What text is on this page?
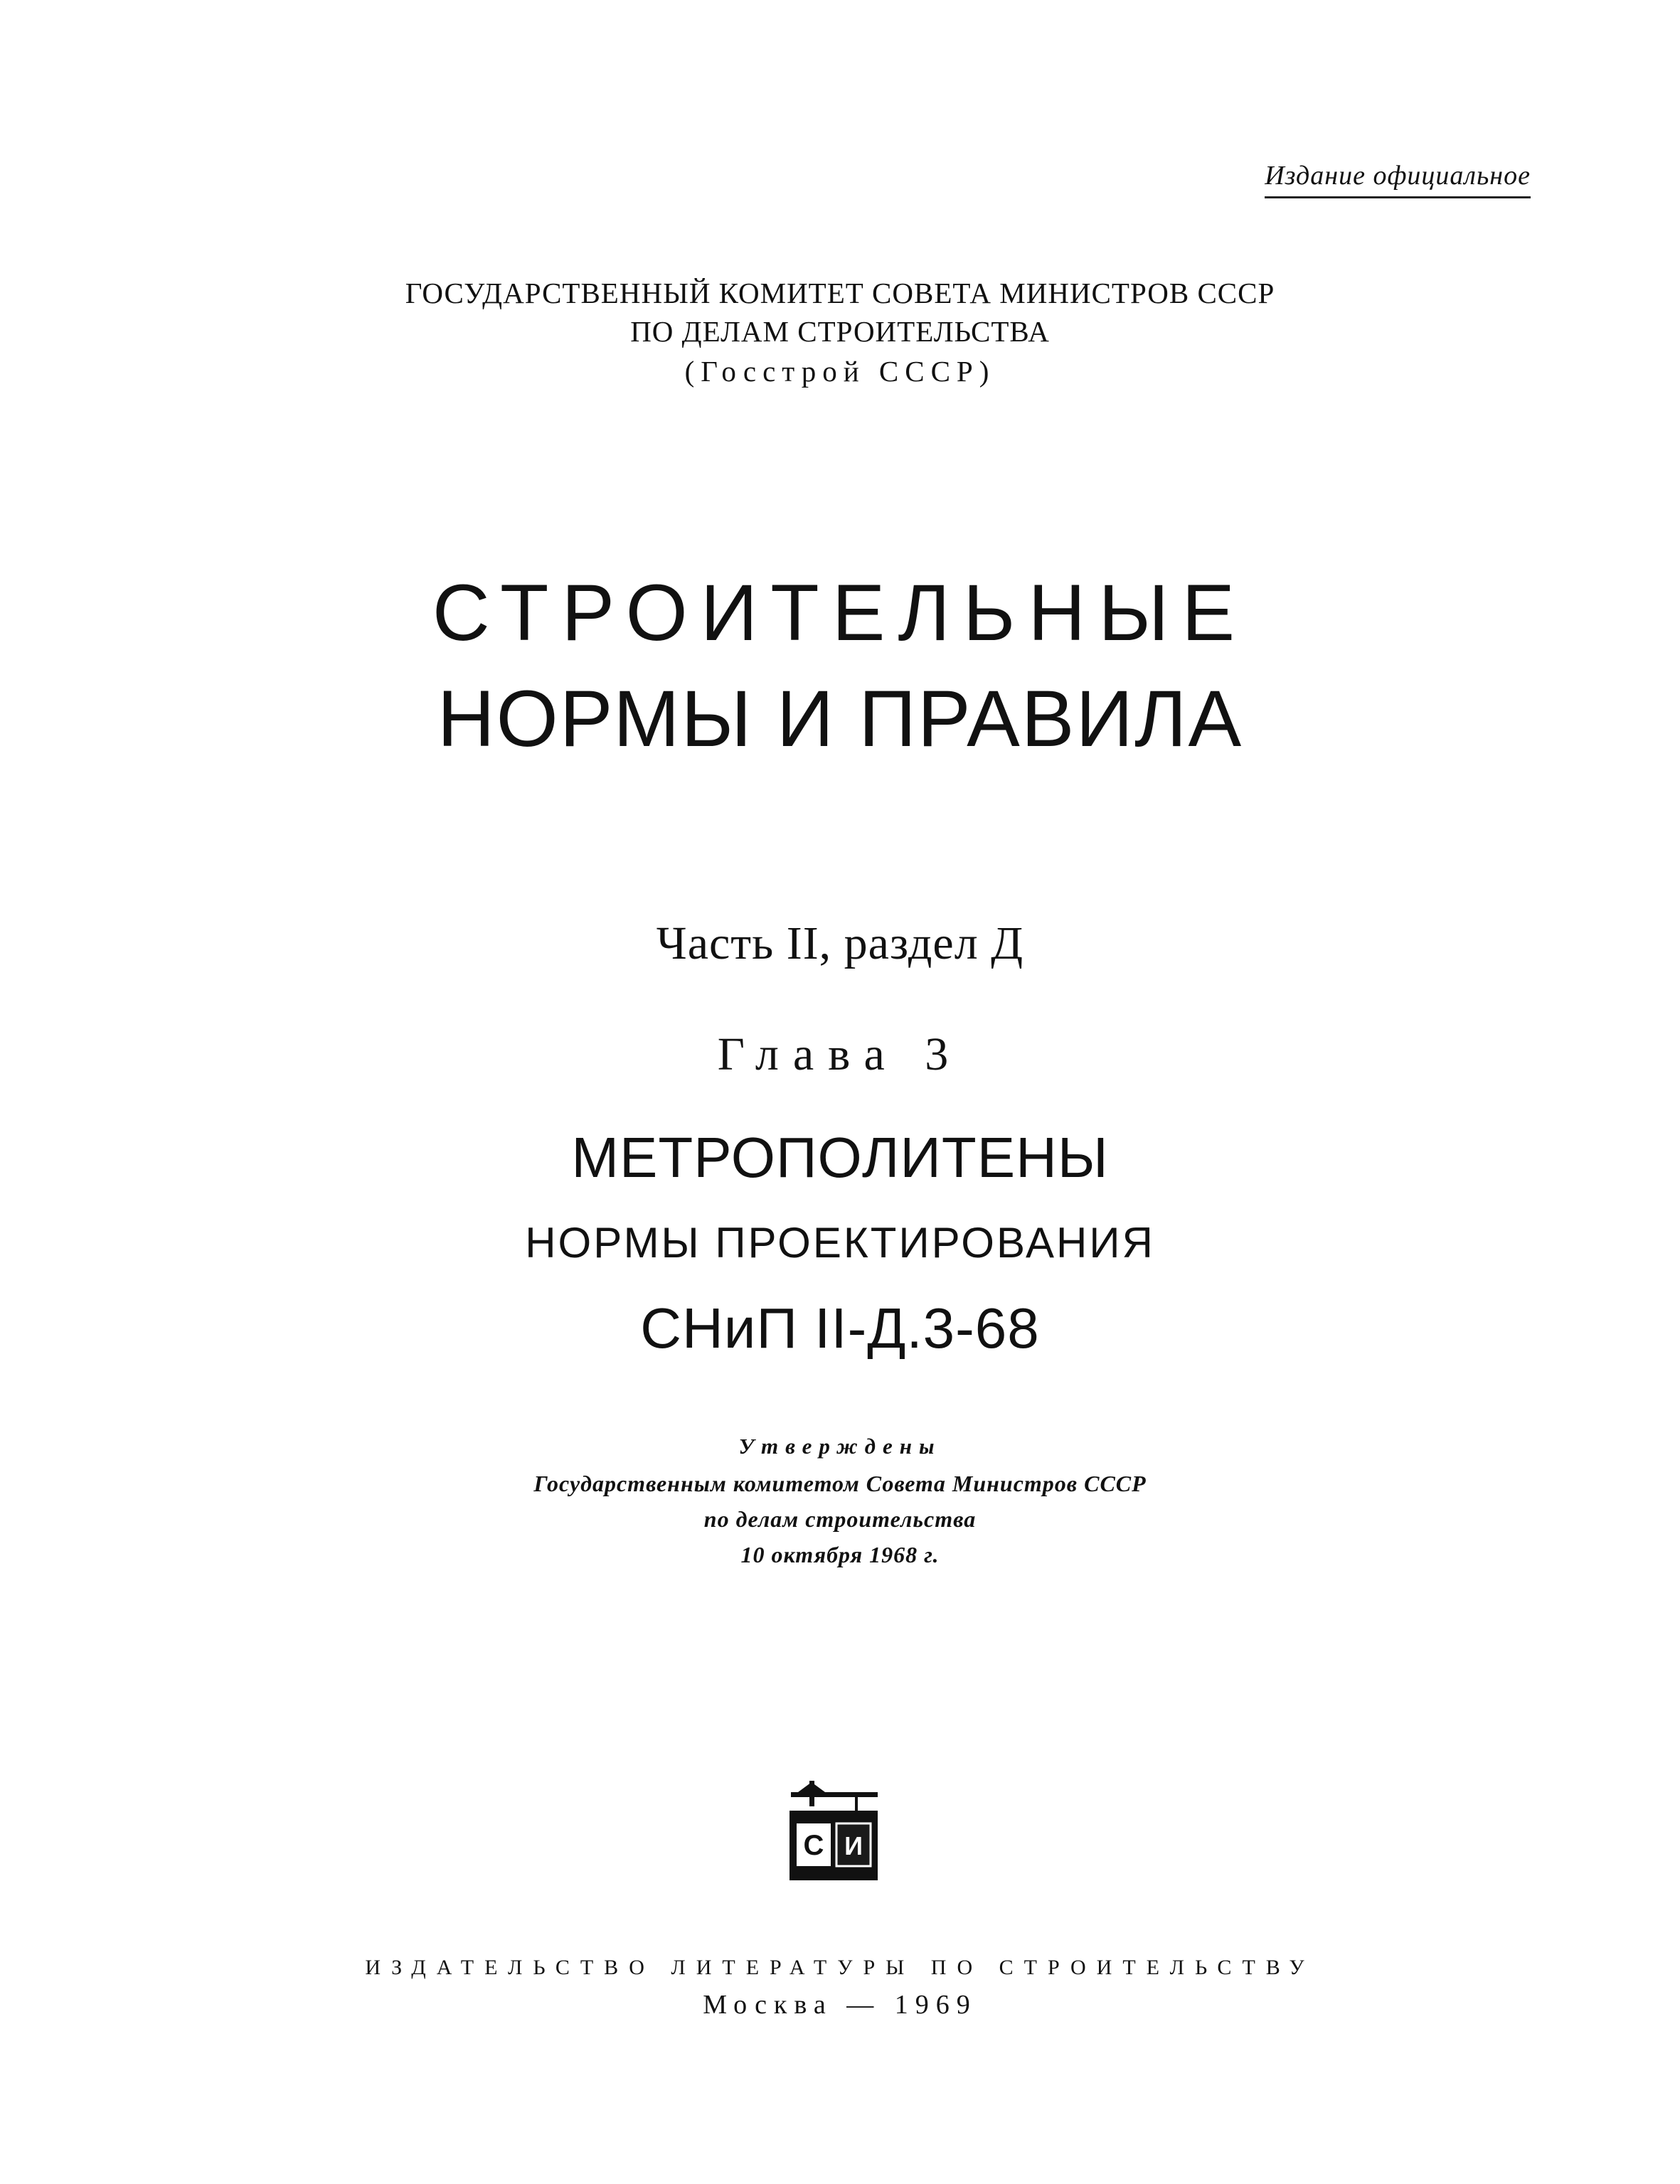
Издание официальное
ГОСУДАРСТВЕННЫЙ КОМИТЕТ СОВЕТА МИНИСТРОВ СССР
ПО ДЕЛАМ СТРОИТЕЛЬСТВА
(Госстрой СССР)
СТРОИТЕЛЬНЫЕ
НОРМЫ И ПРАВИЛА
Часть II, раздел Д
Глава 3
МЕТРОПОЛИТЕНЫ
НОРМЫ ПРОЕКТИРОВАНИЯ
СНиП II-Д.3-68
Утверждены
Государственным комитетом Совета Министров СССР
по делам строительства
10 октября 1968 г.
С И
ИЗДАТЕЛЬСТВО ЛИТЕРАТУРЫ ПО СТРОИТЕЛЬСТВУ
Москва — 1969
